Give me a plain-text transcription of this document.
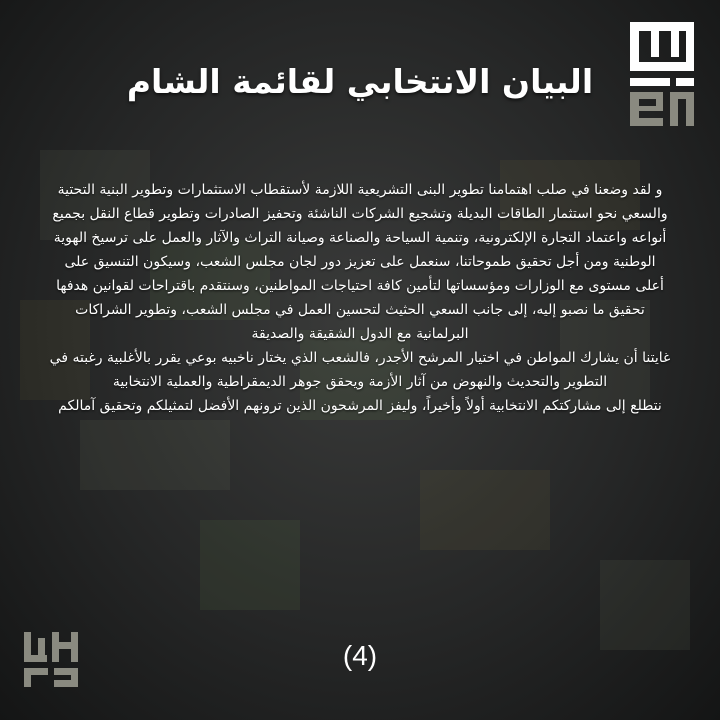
البيان الانتخابي لقائمة الشام

و لقد وضعنا في صلب اهتمامنا تطوير البنى التشريعية اللازمة لأستقطاب الاستثمارات وتطوير البنية التحتية والسعي نحو استثمار الطاقات البديلة وتشجيع الشركات الناشئة وتحفيز الصادرات وتطوير قطاع النقل بجميع أنواعه واعتماد التجارة الإلكترونية، وتنمية السياحة والصناعة وصيانة التراث والآثار والعمل على ترسيخ الهوية الوطنية ومن أجل تحقيق طموحاتنا، سنعمل على تعزيز دور لجان مجلس الشعب، وسيكون التنسيق على أعلى مستوى مع الوزارات ومؤسساتها لتأمين كافة احتياجات المواطنين، وسنتقدم باقتراحات لقوانين هدفها تحقيق ما نصبو إليه، إلى جانب السعي الحثيث لتحسين العمل في مجلس الشعب، وتطوير الشراكات البرلمانية مع الدول الشقيقة والصديقة

غايتنا أن يشارك المواطن في اختيار المرشح الأجدر، فالشعب الذي يختار ناخبيه بوعي يقرر بالأغلبية رغبته في التطوير والتحديث والنهوض من آثار الأزمة ويحقق جوهر الديمقراطية والعملية الانتخابية

نتطلع إلى مشاركتكم الانتخابية أولاً وأخيراً، وليفز المرشحون الذين ترونهم الأفضل لتمثيلكم وتحقيق آمالكم

(4)
